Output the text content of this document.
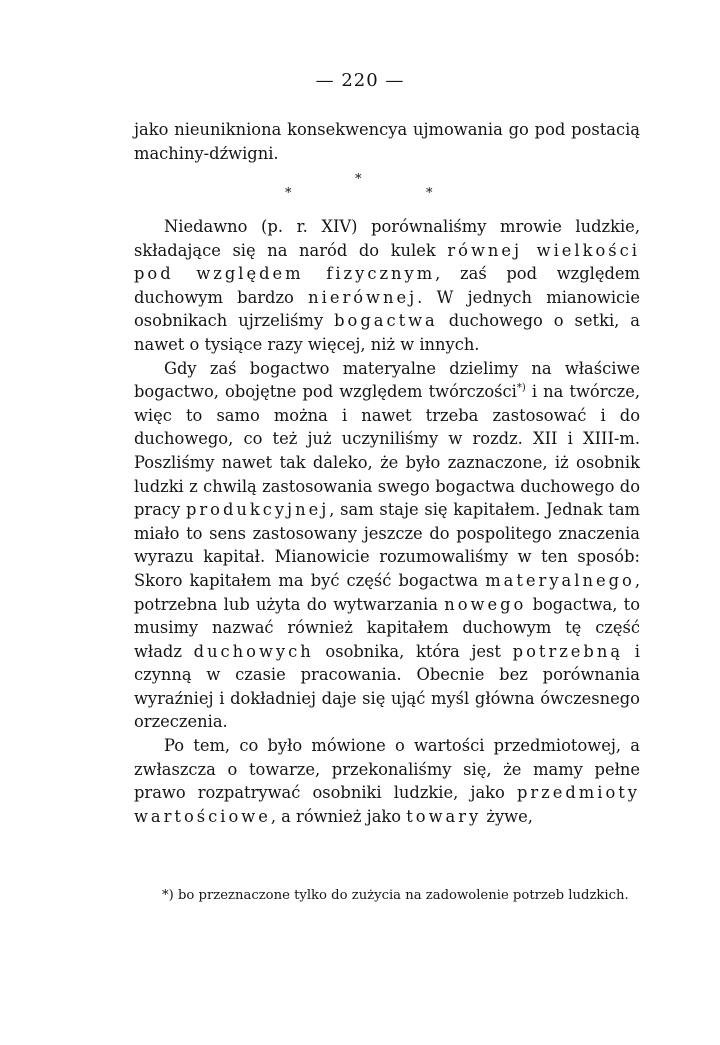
— 220 —

jako nieunikniona konsekwencya ujmowania go pod postacią machiny-dźwigni.

*
*	*

Niedawno (p. r. XIV) porównaliśmy mrowie ludzkie, składające się na naród do kulek równej wielkości pod względem fizycznym, zaś pod względem duchowym bardzo nierównej. W jednych mianowicie osobnikach ujrzeliśmy bogactwa duchowego o setki, a nawet o tysiące razy więcej, niż w innych.

Gdy zaś bogactwo materyalne dzielimy na właściwe bogactwo, obojętne pod względem twórczości*) i na twórcze, więc to samo można i nawet trzeba zastosować i do duchowego, co też już uczyniliśmy w rozdz. XII i XIII-m. Poszliśmy nawet tak daleko, że było zaznaczone, iż osobnik ludzki z chwilą zastosowania swego bogactwa duchowego do pracy produkcyjnej, sam staje się kapitałem. Jednak tam miało to sens zastosowany jeszcze do pospolitego znaczenia wyrazu kapitał. Mianowicie rozumowaliśmy w ten sposób: Skoro kapitałem ma być część bogactwa materyalnego, potrzebna lub użyta do wytwarzania nowego bogactwa, to musimy nazwać również kapitałem duchowym tę część władz duchowych osobnika, która jest potrzebną i czynną w czasie pracowania. Obecnie bez porównania wyraźniej i dokładniej daje się ująć myśl główna ówczesnego orzeczenia.

Po tem, co było mówione o wartości przedmiotowej, a zwłaszcza o towarze, przekonaliśmy się, że mamy pełne prawo rozpatrywać osobniki ludzkie, jako przedmioty wartościowe, a również jako towary żywe,

*) bo przeznaczone tylko do zużycia na zadowolenie potrzeb ludzkich.
